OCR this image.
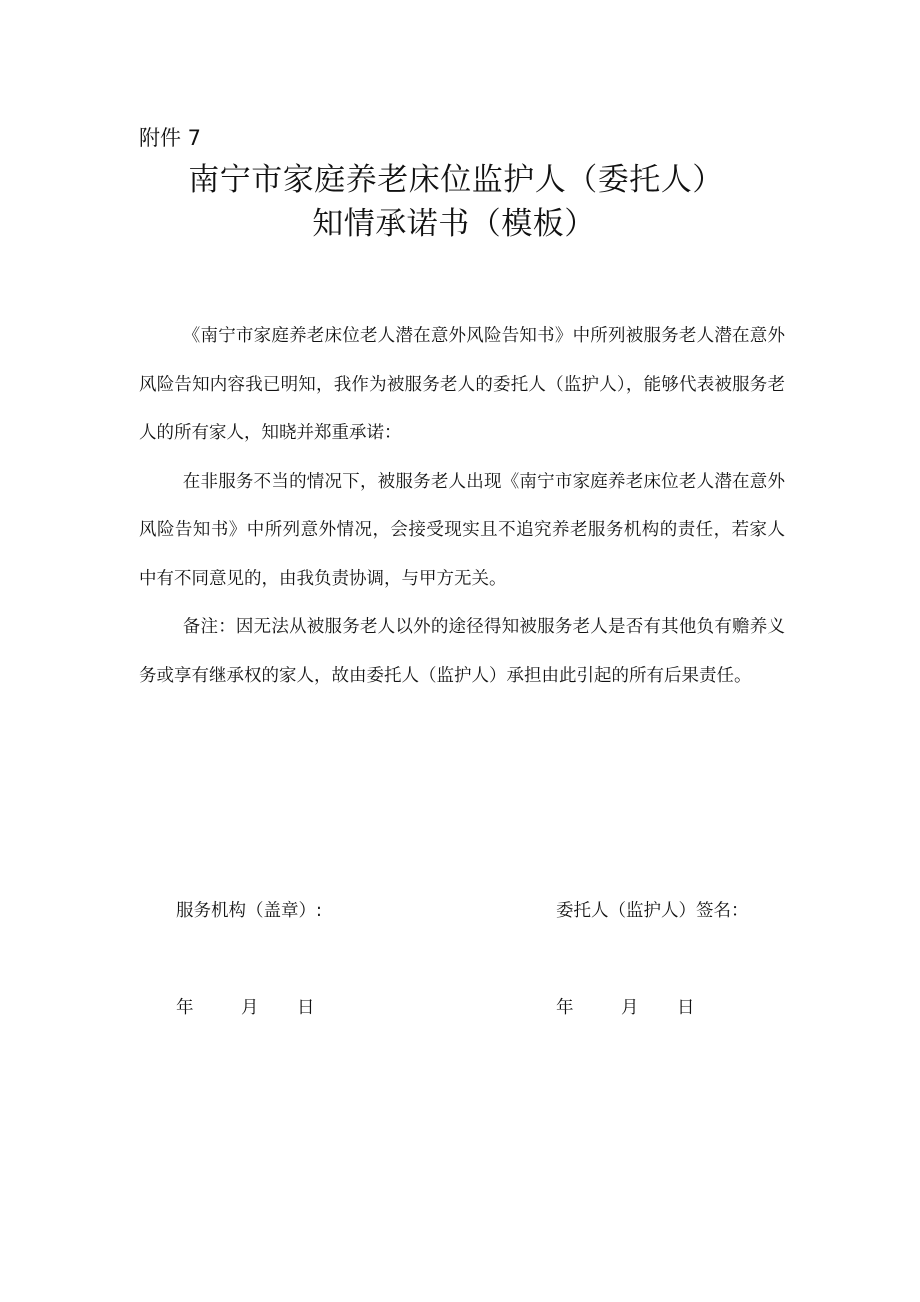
附件 7
南宁市家庭养老床位监护人（委托人）
知情承诺书（模板）

《南宁市家庭养老床位老人潜在意外风险告知书》中所列被服务老人潜在意外风险告知内容我已明知，我作为被服务老人的委托人（监护人），能够代表被服务老人的所有家人，知晓并郑重承诺：

在非服务不当的情况下，被服务老人出现《南宁市家庭养老床位老人潜在意外风险告知书》中所列意外情况，会接受现实且不追究养老服务机构的责任，若家人中有不同意见的，由我负责协调，与甲方无关。

备注：因无法从被服务老人以外的途径得知被服务老人是否有其他负有赡养义务或享有继承权的家人，故由委托人（监护人）承担由此引起的所有后果责任。

服务机构（盖章）:	委托人（监护人）签名：
年	月 日	年	月 日
